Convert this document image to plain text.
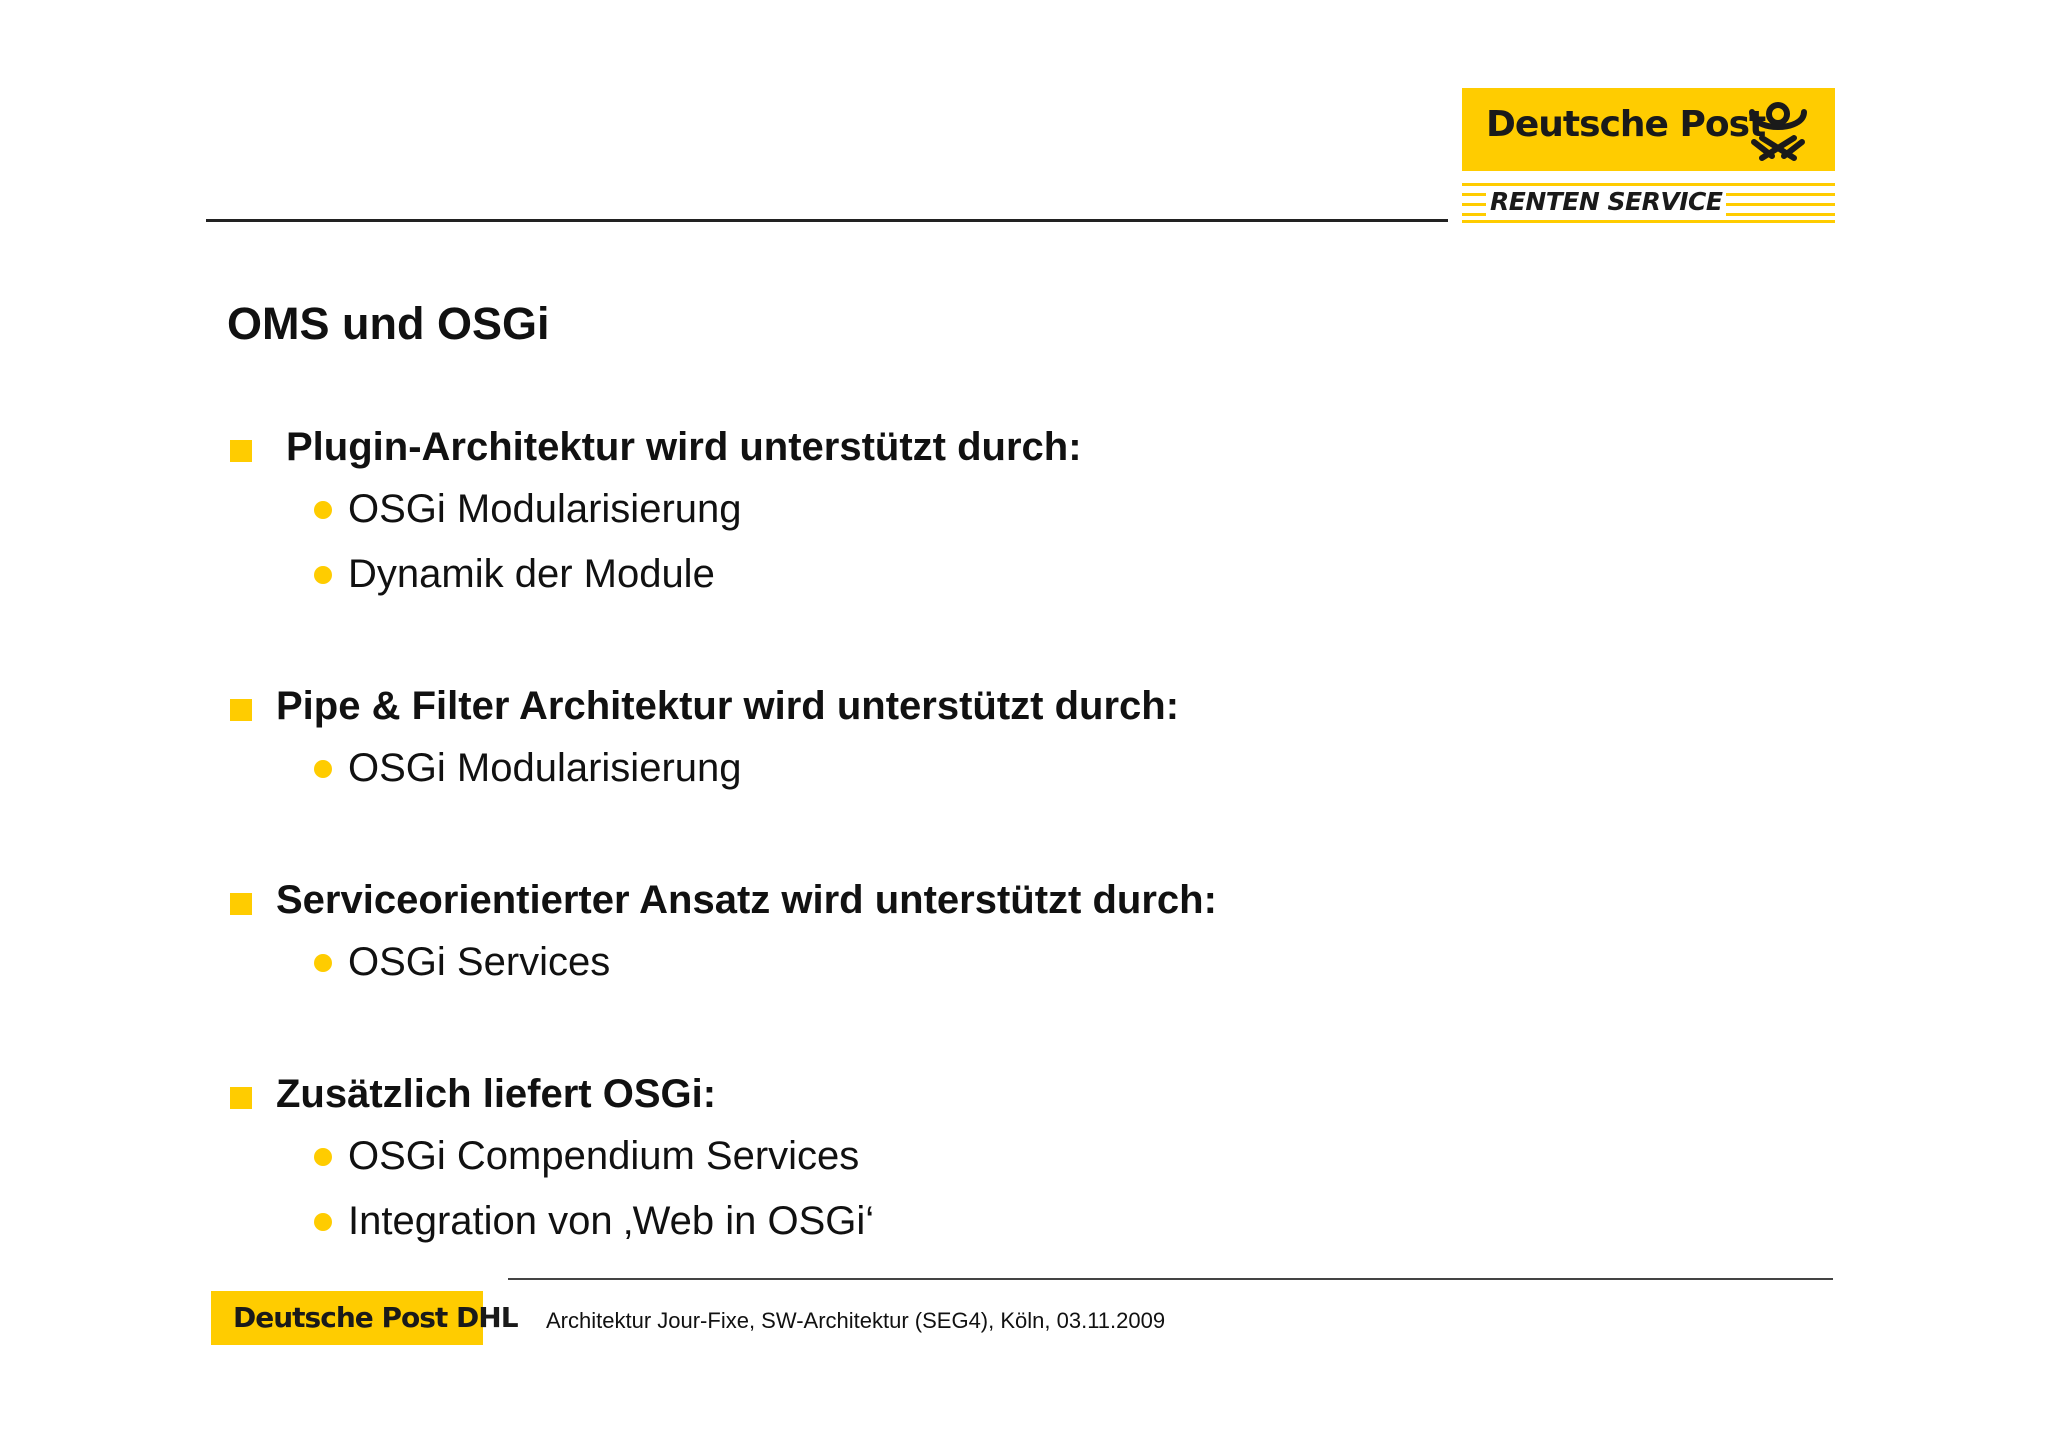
Deutsche Post
RENTEN SERVICE
OMS und OSGi
Plugin-Architektur wird unterstützt durch:
OSGi Modularisierung
Dynamik der Module
Pipe & Filter Architektur wird unterstützt durch:
OSGi Modularisierung
Serviceorientierter Ansatz wird unterstützt durch:
OSGi Services
Zusätzlich liefert OSGi:
OSGi Compendium Services
Integration von ‚Web in OSGi‘
Deutsche Post DHL Architektur Jour-Fixe, SW-Architektur (SEG4), Köln, 03.11.2009
